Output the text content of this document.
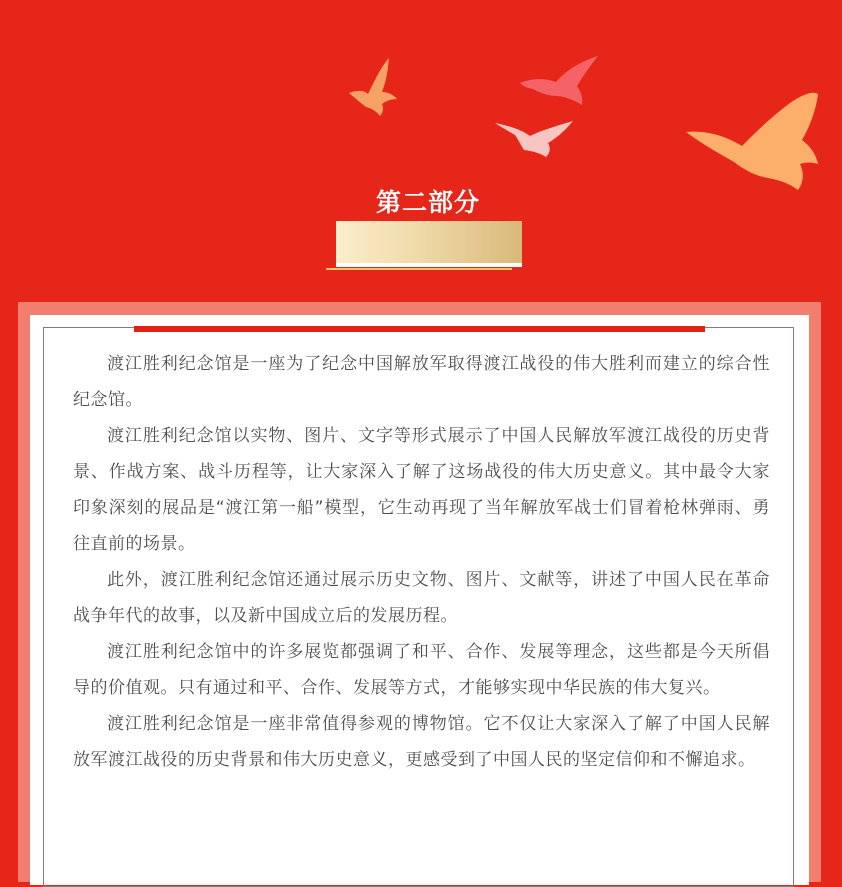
第二部分

渡江胜利纪念馆是一座为了纪念中国解放军取得渡江战役的伟大胜利而建立的综合性纪念馆。

渡江胜利纪念馆以实物、图片、文字等形式展示了中国人民解放军渡江战役的历史背景、作战方案、战斗历程等，让大家深入了解了这场战役的伟大历史意义。其中最令大家印象深刻的展品是“渡江第一船”模型，它生动再现了当年解放军战士们冒着枪林弹雨、勇往直前的场景。

此外，渡江胜利纪念馆还通过展示历史文物、图片、文献等，讲述了中国人民在革命战争年代的故事，以及新中国成立后的发展历程。

渡江胜利纪念馆中的许多展览都强调了和平、合作、发展等理念，这些都是今天所倡导的价值观。只有通过和平、合作、发展等方式，才能够实现中华民族的伟大复兴。

渡江胜利纪念馆是一座非常值得参观的博物馆。它不仅让大家深入了解了中国人民解放军渡江战役的历史背景和伟大历史意义，更感受到了中国人民的坚定信仰和不懈追求。
